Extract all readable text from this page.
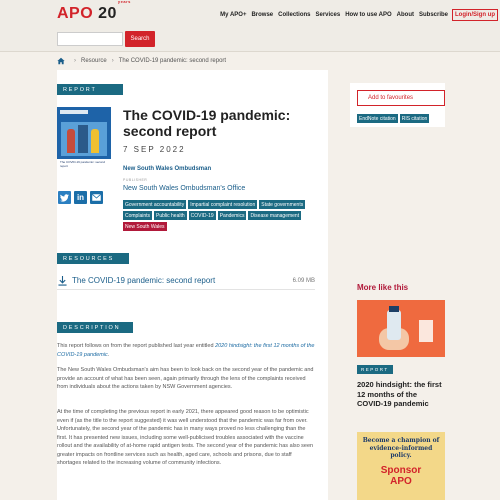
APO $20^{years}$
My APO+ Browse Collections Services How to use APO About Subscribe	Login/Sign up
Search
› Resource › The COVID-19 pandemic: second report
REPORT
The COVID-19 pandemic: second report
The COVID-19 pandemic: second report
7 SEP 2022
New South Wales Ombudsman
PUBLISHER
New South Wales Ombudsman's Office
in
Government accountability	Impartial complaint resolution	State governments
Complaints	Public health	COVID-19	Pandemics	Disease management
New South Wales
RESOURCES
The COVID-19 pandemic: second report	6.09 MB
DESCRIPTION
This report follows on from the report published last year entitled 2020 hindsight: the first 12 months of the COVID-19 pandemic.
The New South Wales Ombudsman's aim has been to look back on the second year of the pandemic and provide an account of what has been seen, again primarily through the lens of the complaints received from individuals about the actions taken by NSW Government agencies.
At the time of completing the previous report in early 2021, there appeared good reason to be optimistic even if (as the title to the report suggested) it was well understood that the pandemic was far from over. Unfortunately, the second year of the pandemic has in many ways proved no less challenging than the first. It has presented new issues, including some well-publicised troubles associated with the vaccine rollout and the availability of at-home rapid antigen tests. The second year of the pandemic has also seen greater impacts on frontline services such as health, aged care, schools and prisons, due to staff shortages related to the increasing volume of community infections.
Add to favourites
EndNote citation	RIS citation
More like this
REPORT
2020 hindsight: the first 12 months of the COVID-19 pandemic
Become a champion of evidence-informed policy.
Sponsor
APO
